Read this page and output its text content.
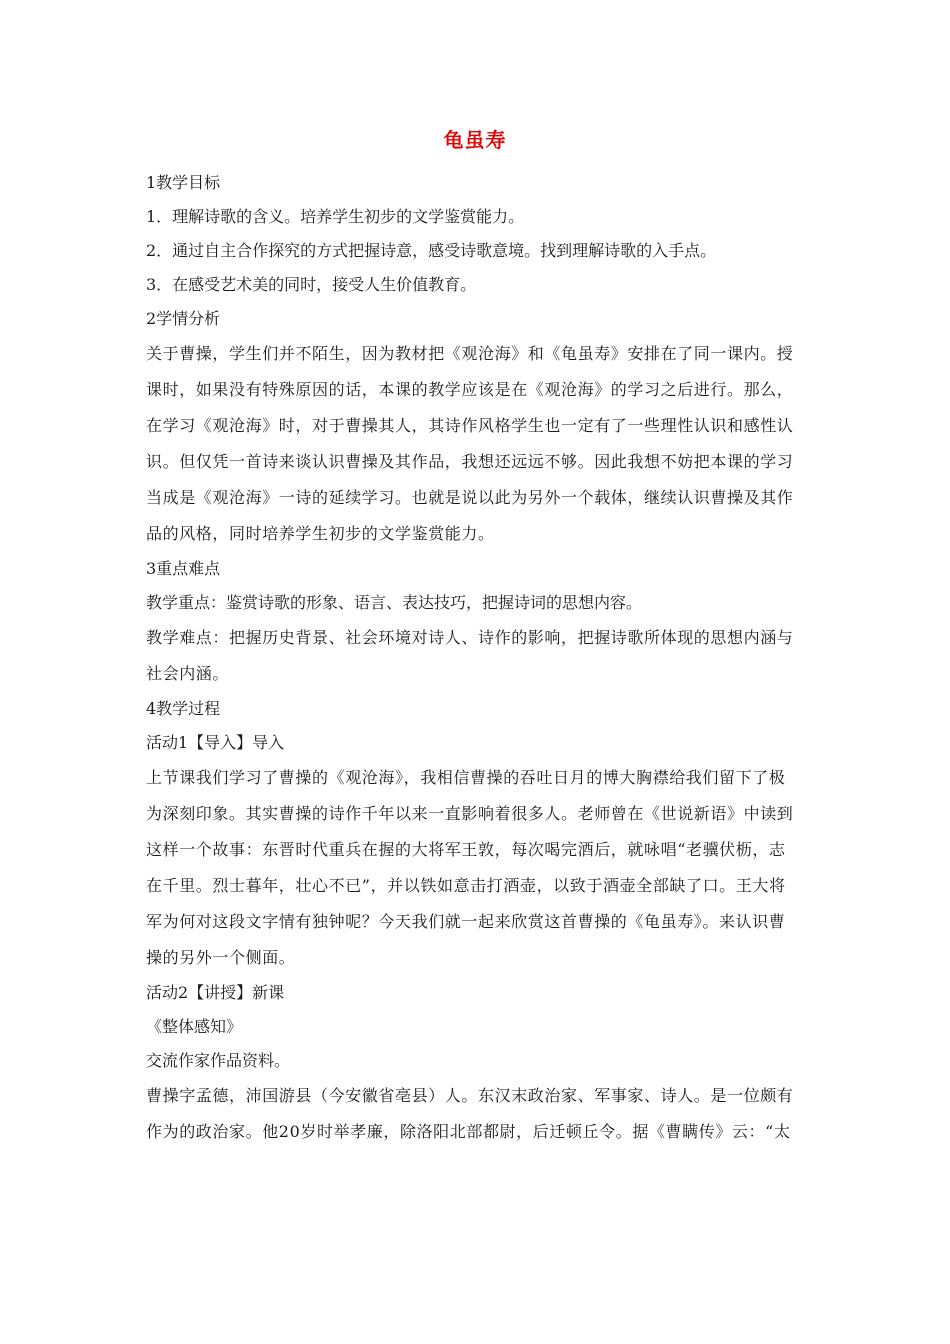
龟虽寿
1教学目标
1．理解诗歌的含义。培养学生初步的文学鉴赏能力。
2．通过自主合作探究的方式把握诗意，感受诗歌意境。找到理解诗歌的入手点。
3．在感受艺术美的同时，接受人生价值教育。
2学情分析
关于曹操，学生们并不陌生，因为教材把《观沧海》和《龟虽寿》安排在了同一课内。授
课时，如果没有特殊原因的话，本课的教学应该是在《观沧海》的学习之后进行。那么，
在学习《观沧海》时，对于曹操其人，其诗作风格学生也一定有了一些理性认识和感性认
识。但仅凭一首诗来谈认识曹操及其作品，我想还远远不够。因此我想不妨把本课的学习
当成是《观沧海》一诗的延续学习。也就是说以此为另外一个载体，继续认识曹操及其作
品的风格，同时培养学生初步的文学鉴赏能力。
3重点难点
教学重点：鉴赏诗歌的形象、语言、表达技巧，把握诗词的思想内容。
教学难点：把握历史背景、社会环境对诗人、诗作的影响，把握诗歌所体现的思想内涵与
社会内涵。
4教学过程
活动1【导入】导入
上节课我们学习了曹操的《观沧海》，我相信曹操的吞吐日月的博大胸襟给我们留下了极
为深刻印象。其实曹操的诗作千年以来一直影响着很多人。老师曾在《世说新语》中读到
这样一个故事：东晋时代重兵在握的大将军王敦，每次喝完酒后，就咏唱“老骥伏枥，志
在千里。烈士暮年，壮心不已”，并以铁如意击打酒壶，以致于酒壶全部缺了口。王大将
军为何对这段文字情有独钟呢？今天我们就一起来欣赏这首曹操的《龟虽寿》。来认识曹
操的另外一个侧面。
活动2【讲授】新课
《整体感知》
交流作家作品资料。
曹操字孟德，沛国游县（今安徽省亳县）人。东汉末政治家、军事家、诗人。是一位颇有
作为的政治家。他20岁时举孝廉，除洛阳北部都尉，后迁顿丘令。据《曹瞒传》云：“太
